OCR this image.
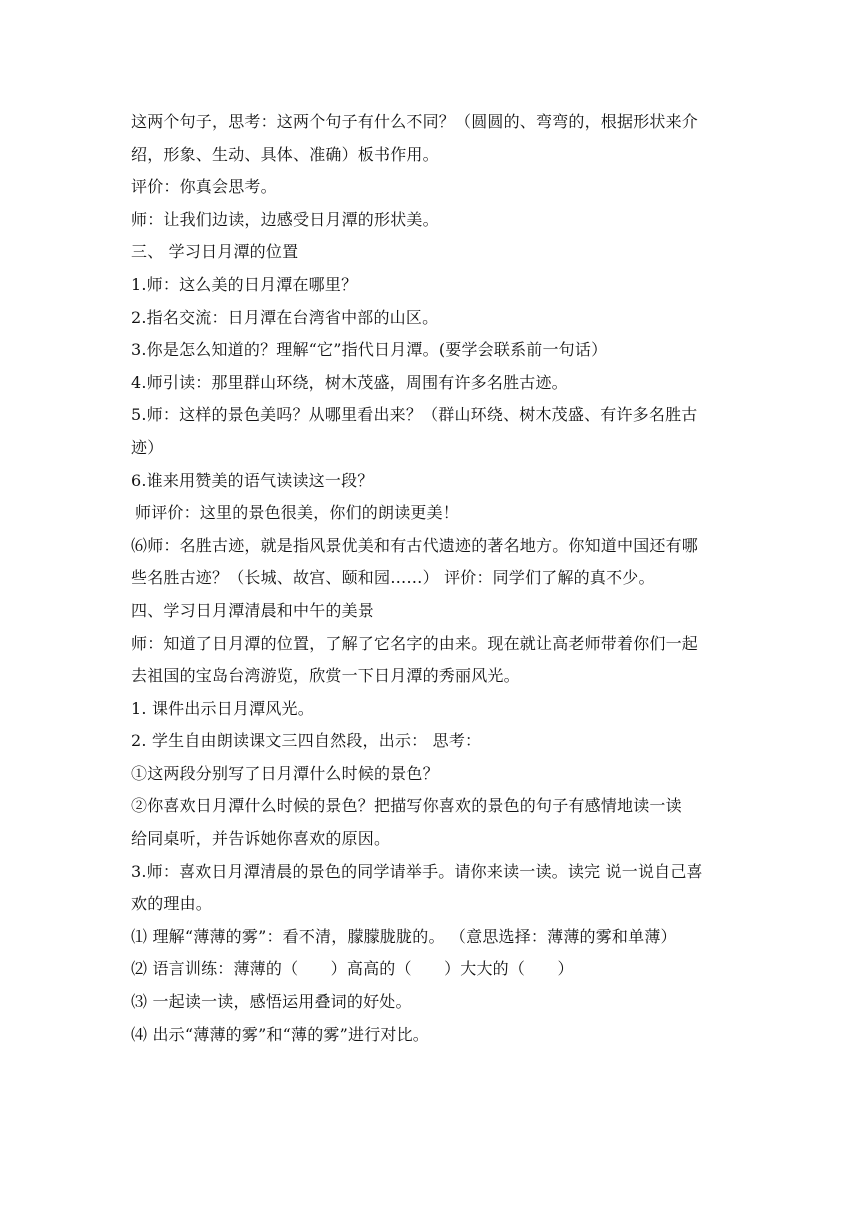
这两个句子，思考：这两个句子有什么不同？（圆圆的、弯弯的，根据形状来介
绍，形象、生动、具体、准确）板书作用。
评价：你真会思考。
师：让我们边读，边感受日月潭的形状美。
三、 学习日月潭的位置
1.师：这么美的日月潭在哪里？
2.指名交流：日月潭在台湾省中部的山区。
3.你是怎么知道的？理解“它”指代日月潭。(要学会联系前一句话）
4.师引读：那里群山环绕，树木茂盛，周围有许多名胜古迹。
5.师：这样的景色美吗？从哪里看出来？（群山环绕、树木茂盛、有许多名胜古
迹）
6.谁来用赞美的语气读读这一段？
师评价：这里的景色很美，你们的朗读更美！
⑹师：名胜古迹，就是指风景优美和有古代遗迹的著名地方。你知道中国还有哪
些名胜古迹？（长城、故宫、颐和园……） 评价：同学们了解的真不少。
四、学习日月潭清晨和中午的美景
师：知道了日月潭的位置，了解了它名字的由来。现在就让高老师带着你们一起
去祖国的宝岛台湾游览，欣赏一下日月潭的秀丽风光。
1. 课件出示日月潭风光。
2. 学生自由朗读课文三四自然段，出示： 思考：
①这两段分别写了日月潭什么时候的景色？
②你喜欢日月潭什么时候的景色？把描写你喜欢的景色的句子有感情地读一读
给同桌听，并告诉她你喜欢的原因。
3.师：喜欢日月潭清晨的景色的同学请举手。请你来读一读。读完 说一说自己喜
欢的理由。
⑴ 理解“薄薄的雾”：看不清，朦朦胧胧的。 （意思选择：薄薄的雾和单薄）
⑵ 语言训练：薄薄的（　　）高高的（　　）大大的（　　）
⑶ 一起读一读，感悟运用叠词的好处。
⑷ 出示“薄薄的雾”和“薄的雾”进行对比。
